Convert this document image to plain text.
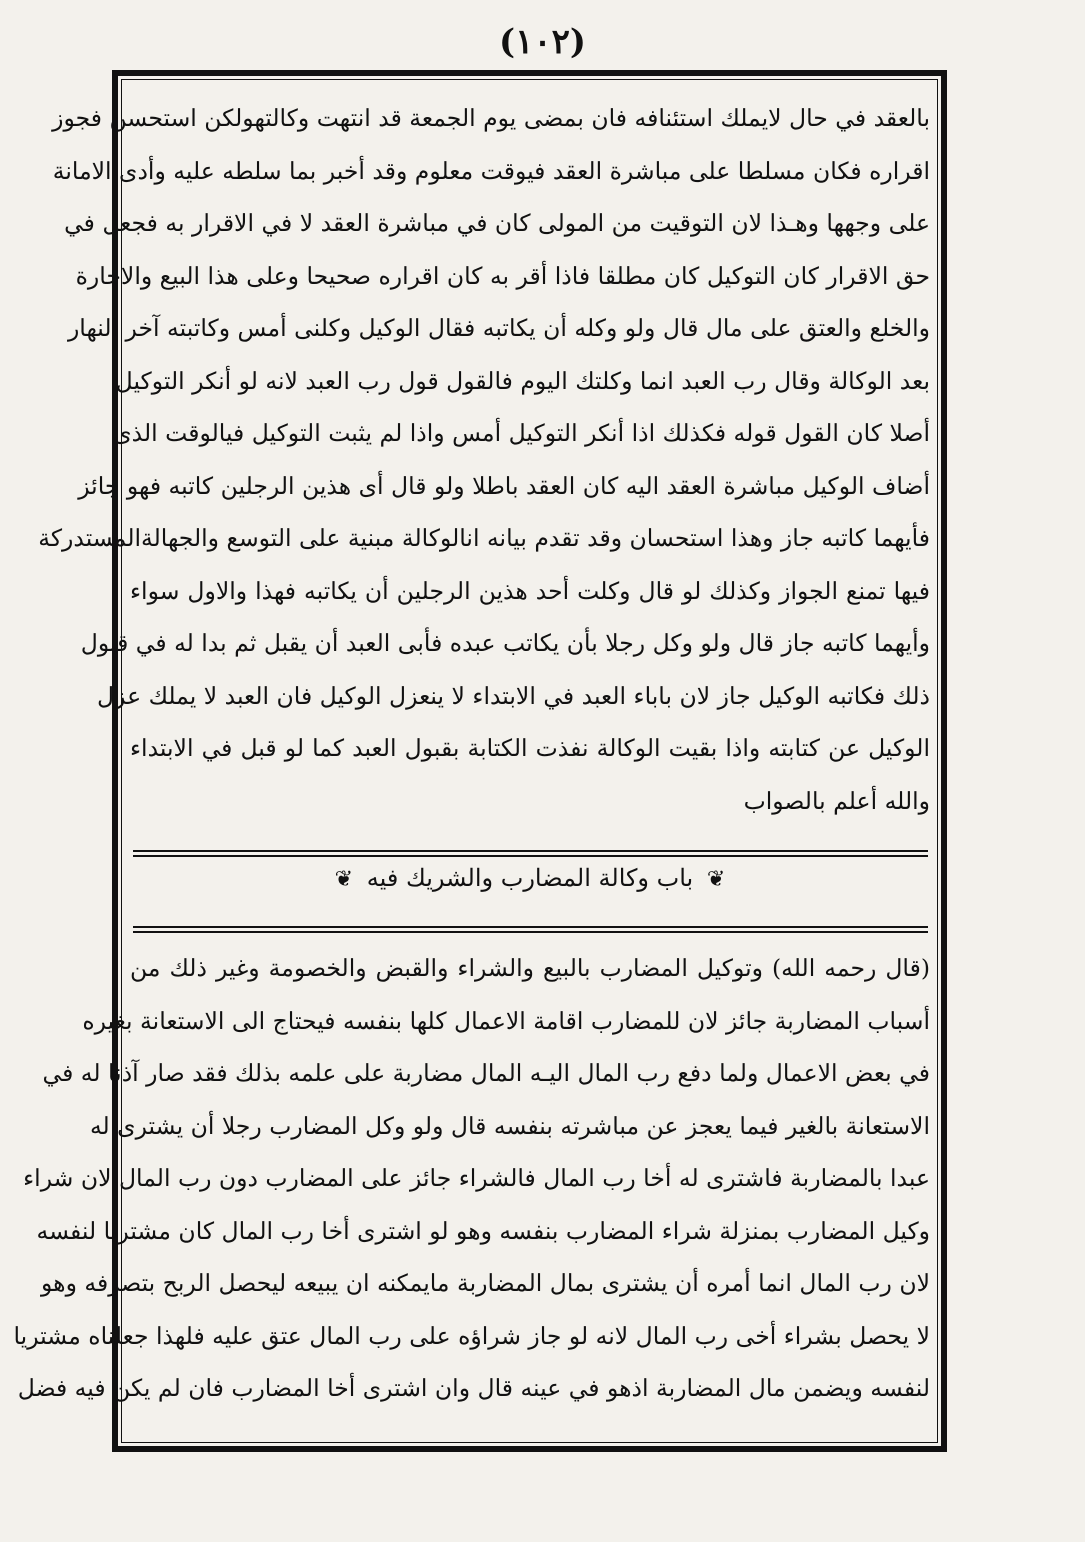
(١٠٢)
بالعقد في حال لايملك استئنافه فان بمضى يوم الجمعة قد انتهت وكالتهولكن استحسن فجوز
اقراره فكان مسلطا على مباشرة العقد فيوقت معلوم وقد أخبر بما سلطه عليه وأدى الامانة
على وجهها وهـذا لان التوقيت من المولى كان في مباشرة العقد لا في الاقرار به فجعل في
حق الاقرار كان التوكيل كان مطلقا فاذا أقر به كان اقراره صحيحا وعلى هذا البيع والاجارة
والخلع والعتق على مال قال ولو وكله أن يكاتبه فقال الوكيل وكلنى أمس وكاتبته آخر النهار
بعد الوكالة وقال رب العبد انما وكلتك اليوم فالقول قول رب العبد لانه لو أنكر التوكيل
أصلا كان القول قوله فكذلك اذا أنكر التوكيل أمس واذا لم يثبت التوكيل فيالوقت الذى
أضاف الوكيل مباشرة العقد اليه كان العقد باطلا ولو قال أى هذين الرجلين كاتبه فهو جائز
فأيهما كاتبه جاز وهذا استحسان وقد تقدم بيانه انالوكالة مبنية على التوسع والجهالةالمستدركة
فيها تمنع الجواز وكذلك لو قال وكلت أحد هذين الرجلين أن يكاتبه فهذا والاول سواء
وأيهما كاتبه جاز قال ولو وكل رجلا بأن يكاتب عبده فأبى العبد أن يقبل ثم بدا له في قبول
ذلك فكاتبه الوكيل جاز لان باباء العبد في الابتداء لا ينعزل الوكيل فان العبد لا يملك عزل
الوكيل عن كتابته واذا بقيت الوكالة نفذت الكتابة بقبول العبد كما لو قبل في الابتداء
والله أعلم بالصواب
❦ باب وكالة المضارب والشريك فيه ❦
(قال رحمه الله) وتوكيل المضارب بالبيع والشراء والقبض والخصومة وغير ذلك من
أسباب المضاربة جائز لان للمضارب اقامة الاعمال كلها بنفسه فيحتاج الى الاستعانة بغيره
في بعض الاعمال ولما دفع رب المال اليـه المال مضاربة على علمه بذلك فقد صار آذنا له في
الاستعانة بالغير فيما يعجز عن مباشرته بنفسه قال ولو وكل المضارب رجلا أن يشترى له
عبدا بالمضاربة فاشترى له أخا رب المال فالشراء جائز على المضارب دون رب المال لان شراء
وكيل المضارب بمنزلة شراء المضارب بنفسه وهو لو اشترى أخا رب المال كان مشتريا لنفسه
لان رب المال انما أمره أن يشترى بمال المضاربة مايمكنه ان يبيعه ليحصل الربح بتصرفه وهو
لا يحصل بشراء أخى رب المال لانه لو جاز شراؤه على رب المال عتق عليه فلهذا جعلناه مشتريا
لنفسه ويضمن مال المضاربة اذهو في عينه قال وان اشترى أخا المضارب فان لم يكن فيه فضل
